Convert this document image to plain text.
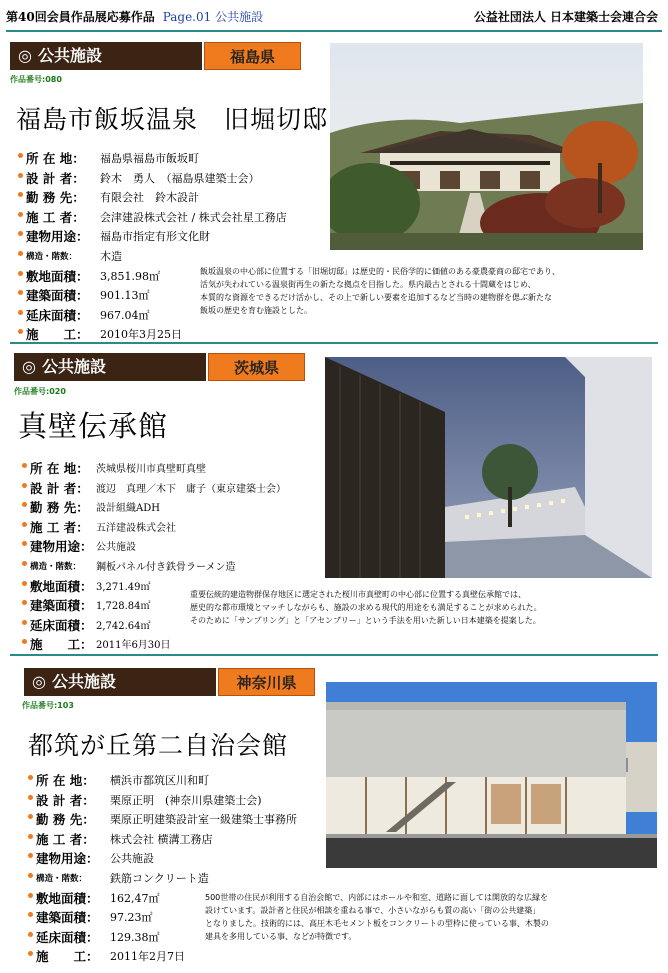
第40回会員作品展応募作品 Page.01 公共施設	公益社団法人 日本建築士会連合会
◎ 公共施設	福島県
作品番号:080
福島市飯坂温泉　旧堀切邸
所 在 地： 福島県福島市飯坂町
設 計 者： 鈴木　勇人　（福島県建築士会）
勤 務 先： 有限会社　鈴木設計
施 工 者： 会津建設株式会社 / 株式会社星工務店
建物用途： 福島市指定有形文化財
構造・階数： 木造
敷地面積： 3,851.98㎡
建築面積： 901.13㎡
延床面積： 967.04㎡
施　　工： 2010年3月25日
飯坂温泉の中心部に位置する「旧堀切邸」は歴史的・民俗学的に価値のある豪農豪商の邸宅であり、
活気が失われている温泉街再生の新たな拠点を目指した。県内最古とされる十間蔵をはじめ、
本質的な資源をできるだけ活かし、その上で新しい要素を追加するなど当時の建物群を偲ぶ新たな
飯坂の歴史を育む施設とした。
◎ 公共施設	茨城県
作品番号:020
真壁伝承館
所 在 地： 茨城県桜川市真壁町真壁
設 計 者： 渡辺　真理／木下　庸子（東京建築士会）
勤 務 先： 設計組織ADH
施 工 者： 五洋建設株式会社
建物用途： 公共施設
構造・階数： 鋼板パネル付き鉄骨ラーメン造
敷地面積： 3,271.49㎡
建築面積： 1,728.84㎡
延床面積： 2,742.64㎡
施　　工： 2011年6月30日
重要伝統的建造物群保存地区に選定された桜川市真壁町の中心部に位置する真壁伝承館では、
歴史的な都市環境とマッチしながらも、施設の求める現代的用途をも満足することが求められた。
そのために「サンプリング」と「アセンブリー」という手法を用いた新しい日本建築を提案した。
◎ 公共施設	神奈川県
作品番号:103
都筑が丘第二自治会館
所 在 地： 横浜市都筑区川和町
設 計 者： 栗原正明　(神奈川県建築士会)
勤 務 先： 栗原正明建築設計室一級建築士事務所
施 工 者： 株式会社 横溝工務店
建物用途： 公共施設
構造・階数： 鉄筋コンクリート造
敷地面積： 162,47㎡
建築面積： 97.23㎡
延床面積： 129.38㎡
施　　工： 2011年2月7日
500世帯の住民が利用する自治会館で、内部にはホールや和室、道路に面しては開放的な広縁を
設けています。設計者と住民が相談を重ねる事で、小さいながらも質の高い「街の公共建築」
となりました。技術的には、高圧木毛セメント板をコンクリートの型枠に使っている事、木製の
建具を多用している事、などが特徴です。
